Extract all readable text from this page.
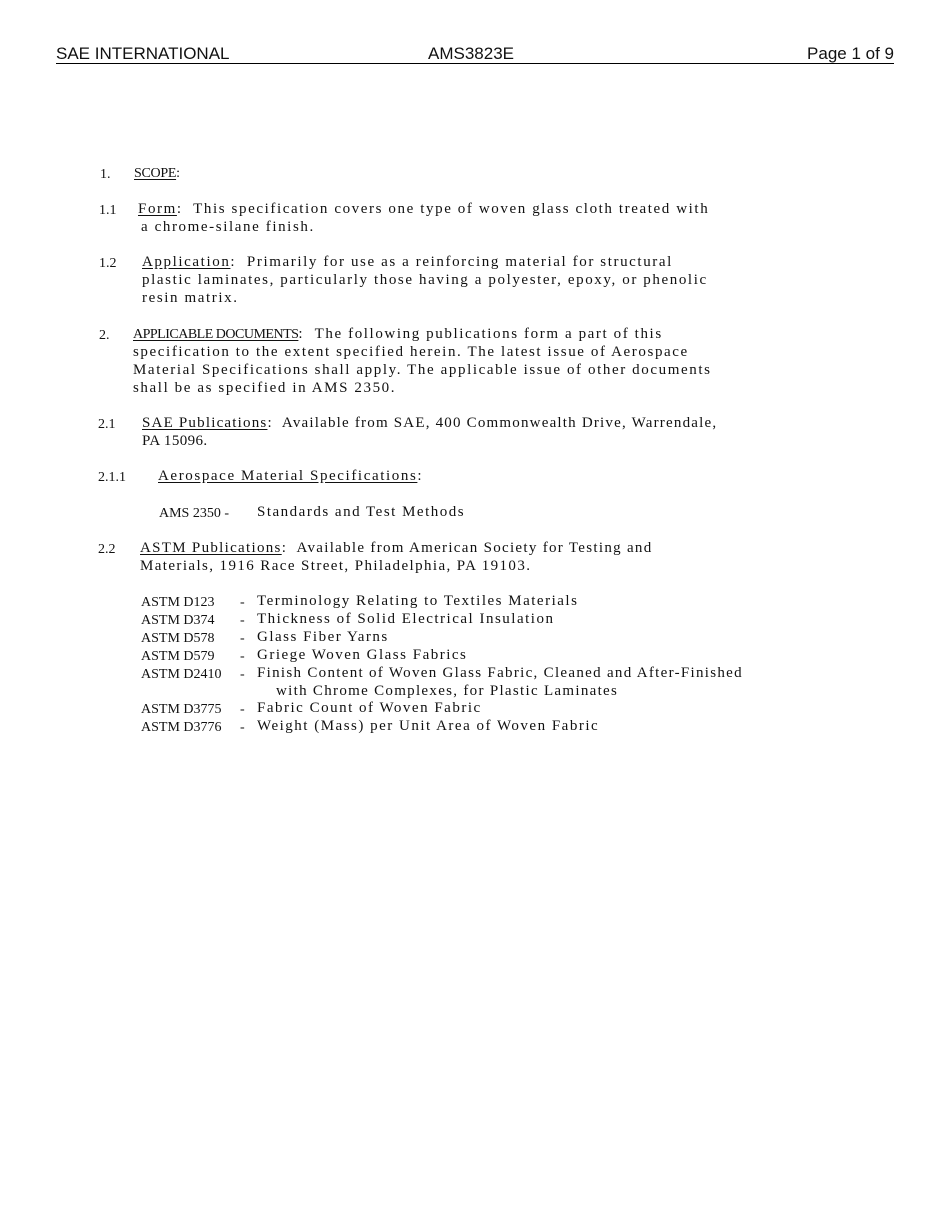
SAE INTERNATIONAL	AMS3823E	Page 1 of 9
1. SCOPE:
1.1 Form: This specification covers one type of woven glass cloth treated with
a chrome-silane finish.
1.2 Application: Primarily for use as a reinforcing material for structural
plastic laminates, particularly those having a polyester, epoxy, or phenolic
resin matrix.
2. APPLICABLE DOCUMENTS: The following publications form a part of this
specification to the extent specified herein. The latest issue of Aerospace
Material Specifications shall apply. The applicable issue of other documents
shall be as specified in AMS 2350.
2.1 SAE Publications: Available from SAE, 400 Commonwealth Drive, Warrendale,
PA 15096.
2.1.1 Aerospace Material Specifications:
AMS 2350 - Standards and Test Methods
2.2 ASTM Publications: Available from American Society for Testing and
Materials, 1916 Race Street, Philadelphia, PA 19103.
ASTM D123 - Terminology Relating to Textiles Materials
ASTM D374 - Thickness of Solid Electrical Insulation
ASTM D578 - Glass Fiber Yarns
ASTM D579 - Griege Woven Glass Fabrics
ASTM D2410 - Finish Content of Woven Glass Fabric, Cleaned and After-Finished
with Chrome Complexes, for Plastic Laminates
ASTM D3775 - Fabric Count of Woven Fabric
ASTM D3776 - Weight (Mass) per Unit Area of Woven Fabric
